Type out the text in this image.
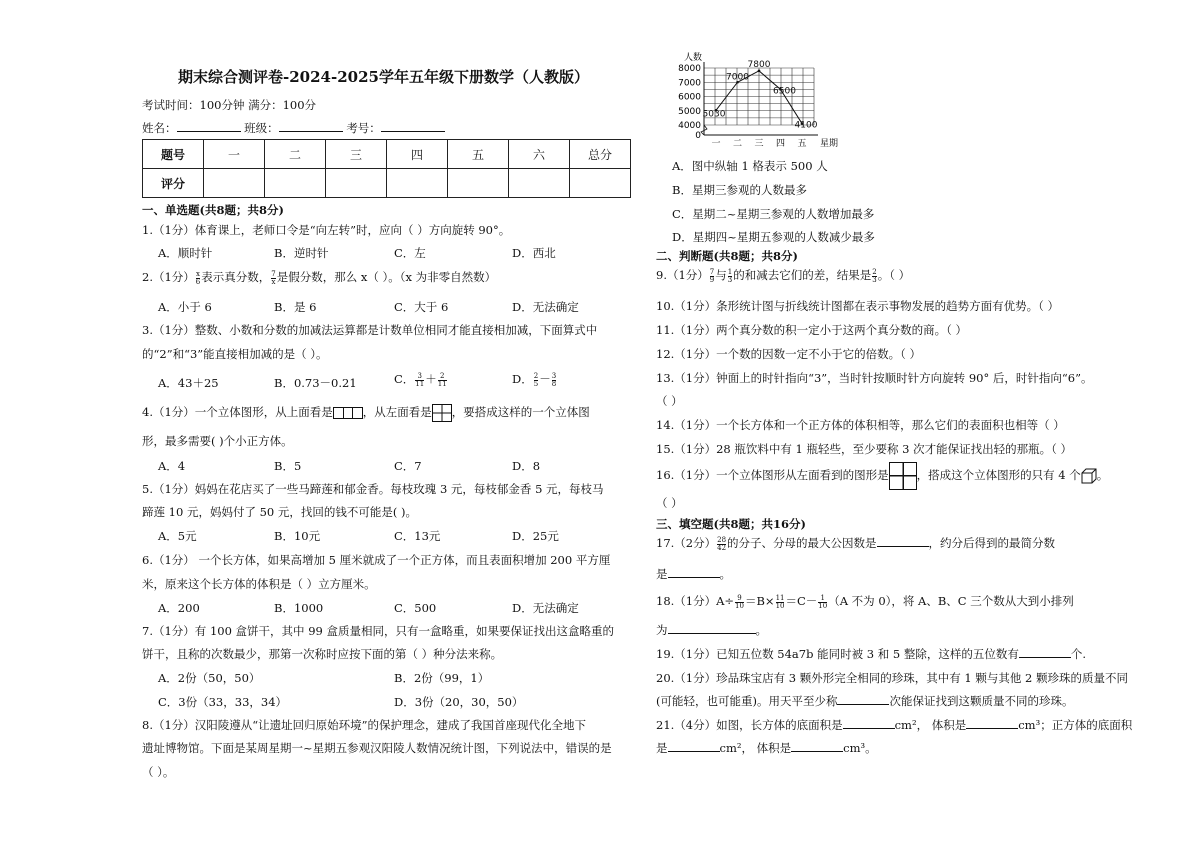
期末综合测评卷-2024-2025学年五年级下册数学（人教版）
考试时间：100分钟 满分：100分
姓名：	班级：	考号：
题号	一	二	三	四	五	六	总分
评分							
一、单选题(共8题；共8分)
1.（1分）体育课上，老师口令是“向左转”时，应向（ ）方向旋转 90°。
A．顺时针	B．逆时针	C．左	D．西北
2.（1分） $\frac{x}{6}$ 表示真分数， $\frac{7}{x}$ 是假分数，那么 x（ ）。（x 为非零自然数）
A．小于 6	B．是 6	C．大于 6	D．无法确定
3.（1分）整数、小数和分数的加减法运算都是计数单位相同才能直接相加减，下面算式中
的“2”和“3”能直接相加减的是（ ）。
A．43＋25	B．0.73－0.21	C． $\frac{3}{11} + \frac{2}{11}$	D． $\frac{2}{5} - \frac{3}{8}$
4.（1分）一个立体图形，从上面看是	，从左面看是 ，要搭成这样的一个立体图
形，最多需要( )个小正方体。
A．4	B．5	C．7	D．8
5.（1分）妈妈在花店买了一些马蹄莲和郁金香。每枝玫瑰 3 元，每枝郁金香 5 元，每枝马
蹄莲 10 元，妈妈付了 50 元，找回的钱不可能是( )。
A．5元	B．10元	C．13元	D．25元
6.（1分） 一个长方体，如果高增加 5 厘米就成了一个正方体，而且表面积增加 200 平方厘
米，原来这个长方体的体积是（ ）立方厘米。
A．200	B．1000	C．500	D．无法确定
7.（1分）有 100 盒饼干，其中 99 盒质量相同，只有一盒略重，如果要保证找出这盒略重的
饼干，且称的次数最少，那第一次称时应按下面的第（ ）种分法来称。
A．2份（50，50）	B．2份（99，1）
C．3份（33，33，34）	D．3份（20，30，50）
8.（1分）汉阳陵遵从“让遗址回归原始环境”的保护理念，建成了我国首座现代化全地下
遗址博物馆。下面是某周星期一~星期五参观汉阳陵人数情况统计图，下列说法中，错误的是
（ ）。
人数
0
4000
5000
6000
7000
8000
一 二 三 四 五
5030
7000
7800
6500
4100
星期
A．图中纵轴 1 格表示 500 人
B．星期三参观的人数最多
C．星期二~星期三参观的人数增加最多
D．星期四~星期五参观的人数减少最多
二、判断题(共8题；共8分)
9.（1分） $\frac{7}{9}$ 与 $\frac{1}{3}$ 的和减去它们的差，结果是 $\frac{2}{3}$ 。（ ）
10.（1分）条形统计图与折线统计图都在表示事物发展的趋势方面有优势。（ ）
11.（1分）两个真分数的积一定小于这两个真分数的商。（ ）
12.（1分）一个数的因数一定不小于它的倍数。（ ）
13.（1分）钟面上的时针指向“3”，当时针按顺时针方向旋转 90° 后，时针指向“6”。
（ ）
14.（1分）一个长方体和一个正方体的体积相等，那么它们的表面积也相等（ ）
15.（1分）28 瓶饮料中有 1 瓶轻些，至少要称 3 次才能保证找出轻的那瓶。（ ）
16.（1分）一个立体图形从左面看到的图形是 ，搭成这个立体图形的只有 4 个 。
（ ）
三、填空题(共8题；共16分)
17.（2分） $\frac{28}{42}$ 的分子、分母的最大公因数是	，约分后得到的最简分数
是	。
18.（1分）$A\div \frac{9}{10} =B\times \frac{11}{10} =C- \frac{1}{10} (A$ 不为 0），将 A、B、C 三个数从大到小排列
为	。
19.（1分）已知五位数 54a7b 能同时被 3 和 5 整除，这样的五位数有	个.
20.（1分）珍品珠宝店有 3 颗外形完全相同的珍珠，其中有 1 颗与其他 2 颗珍珠的质量不同
(可能轻，也可能重)。用天平至少称	次能保证找到这颗质量不同的珍珠。
21.（4分）如图，长方体的底面积是	cm²， 体积是	cm³；正方体的底面积
是	cm²， 体积是	cm³。
